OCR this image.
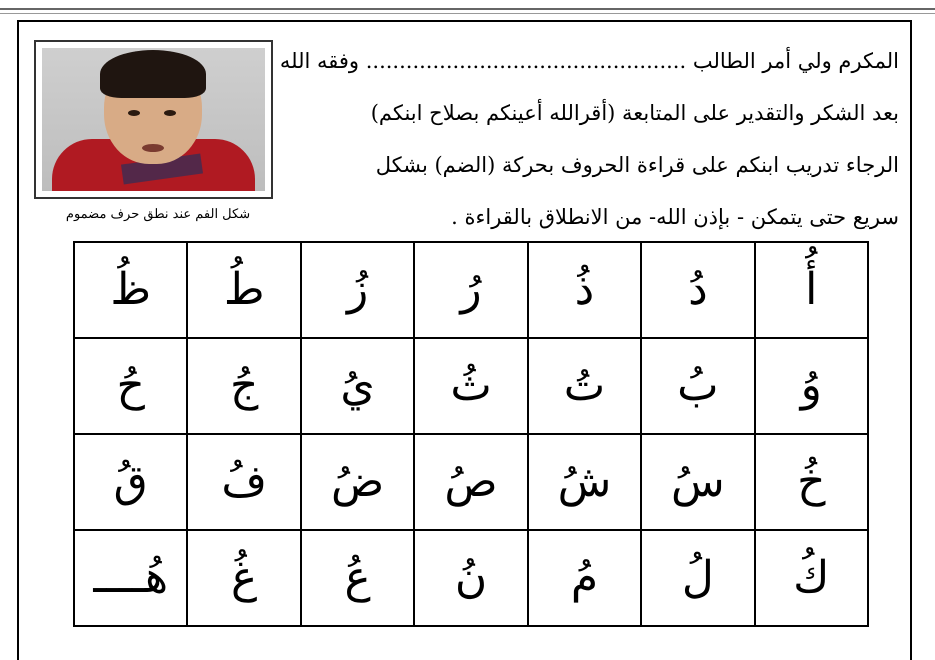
شكل الفم عند نطق حرف مضموم
المكرم ولي أمر الطالب ................................................ وفقه الله
بعد الشكر والتقدير على المتابعة (أقرالله أعينكم بصلاح ابنكم)
الرجاء تدريب ابنكم على قراءة الحروف بحركة (الضم) بشكل
سريع حتى يتمكن - بإذن الله- من الانطلاق بالقراءة .
أُ	دُ	ذُ	رُ	زُ	طُ	ظُ
وُ	بُ	تُ	ثُ	يُ	جُ	حُ
خُ	سُ	شُ	صُ	ضُ	فُ	قُ
كُ	لُ	مُ	نُ	عُ	غُ	هُــــ
